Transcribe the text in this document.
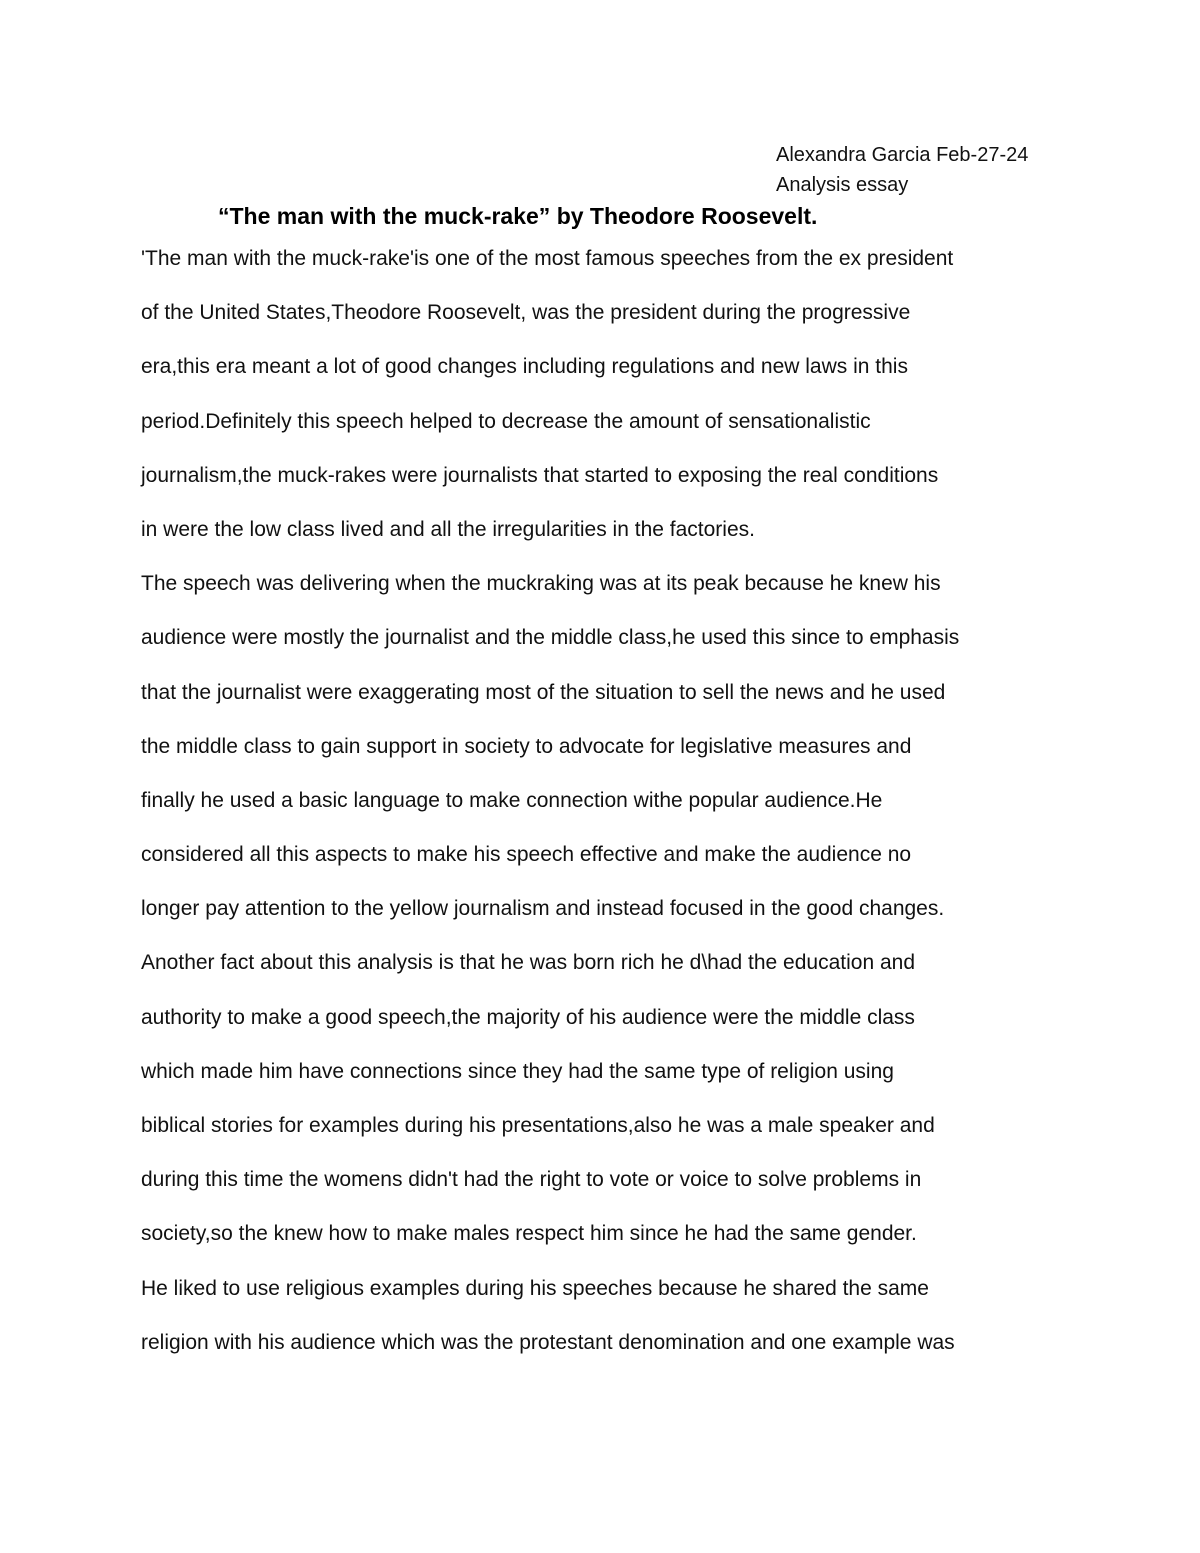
Alexandra Garcia Feb-27-24
Analysis essay
“The man with the muck-rake” by Theodore Roosevelt.
'The man with the muck-rake'is one of the most famous speeches from the ex president
of the United States,Theodore Roosevelt, was the president during the progressive
era,this era meant a lot of good changes including regulations and new laws in this
period.Definitely this speech helped to decrease the amount of sensationalistic
journalism,the muck-rakes were journalists that started to exposing the real conditions
in were the low class lived and all the irregularities in the factories.
The speech was delivering when the muckraking was at its peak because he knew his
audience were mostly the journalist and the middle class,he used this since to emphasis
that the journalist were exaggerating most of the situation to sell the news and he used
the middle class to gain support in society to advocate for legislative measures and
finally he used a basic language to make connection withe popular audience.He
considered all this aspects to make his speech effective and make the audience no
longer pay attention to the yellow journalism and instead focused in the good changes.
Another fact about this analysis is that he was born rich he d\had the education and
authority to make a good speech,the majority of his audience were the middle class
which made him have connections since they had the same type of religion using
biblical stories for examples during his presentations,also he was a male speaker and
during this time the womens didn't had the right to vote or voice to solve problems in
society,so the knew how to make males respect him since he had the same gender.
He liked to use religious examples during his speeches because he shared the same
religion with his audience which was the protestant denomination and one example was
